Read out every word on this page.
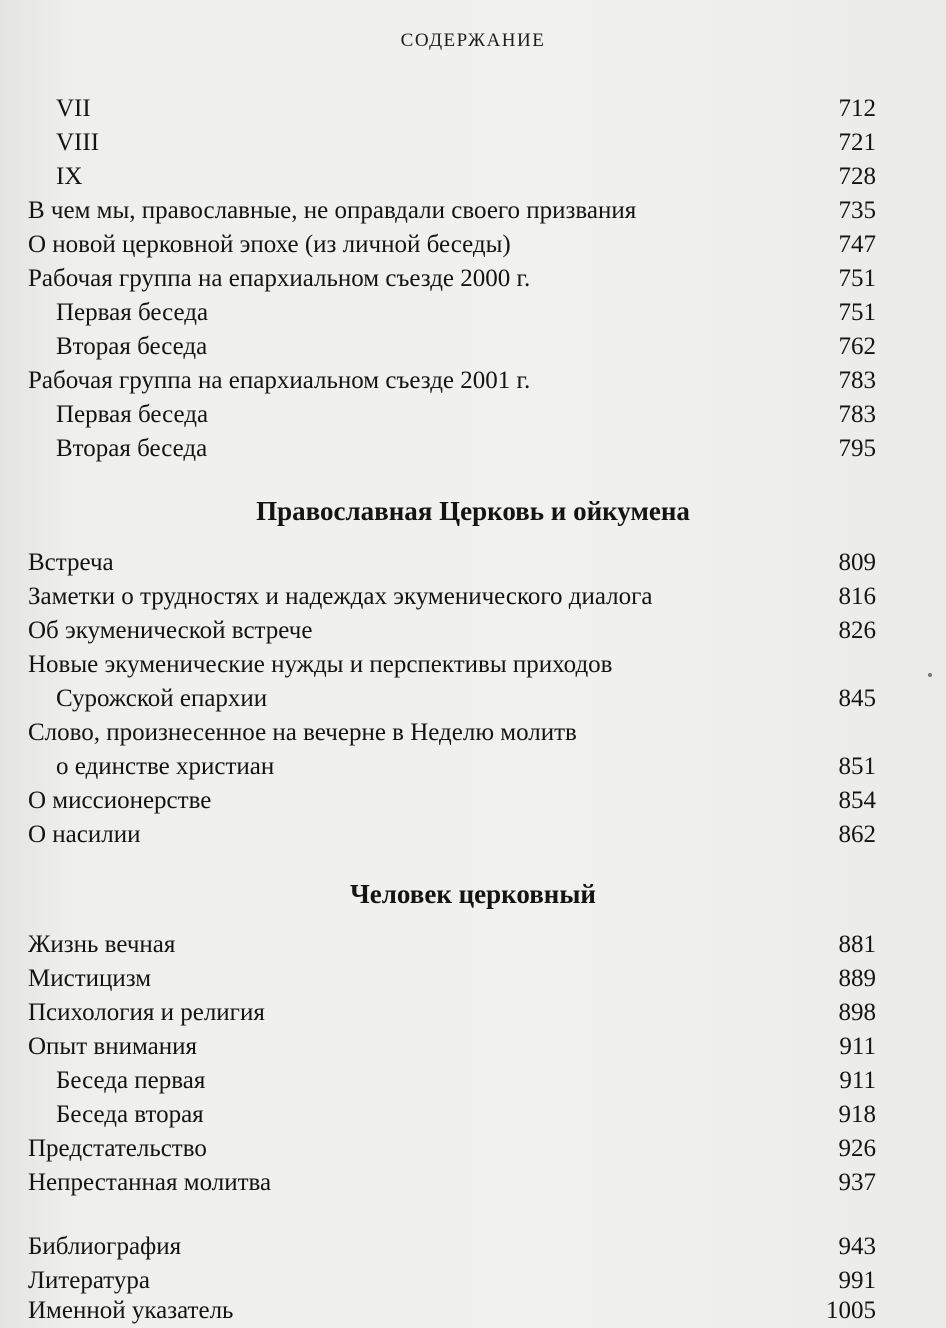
СОДЕРЖАНИЕ
VII	712
VIII	721
IX	728
В чем мы, православные, не оправдали своего призвания	735
О новой церковной эпохе (из личной беседы)	747
Рабочая группа на епархиальном съезде 2000 г.	751
Первая беседа	751
Вторая беседа	762
Рабочая группа на епархиальном съезде 2001 г.	783
Первая беседа	783
Вторая беседа	795
Православная Церковь и ойкумена
Встреча	809
Заметки о трудностях и надеждах экуменического диалога	816
Об экуменической встрече	826
Новые экуменические нужды и перспективы приходов
Сурожской епархии	845
Слово, произнесенное на вечерне в Неделю молитв
о единстве христиан	851
О миссионерстве	854
О насилии	862
Человек церковный
Жизнь вечная	881
Мистицизм	889
Психология и религия	898
Опыт внимания	911
Беседа первая	911
Беседа вторая	918
Предстательство	926
Непрестанная молитва	937
Библиография	943
Литература	991
Именной указатель	1005
